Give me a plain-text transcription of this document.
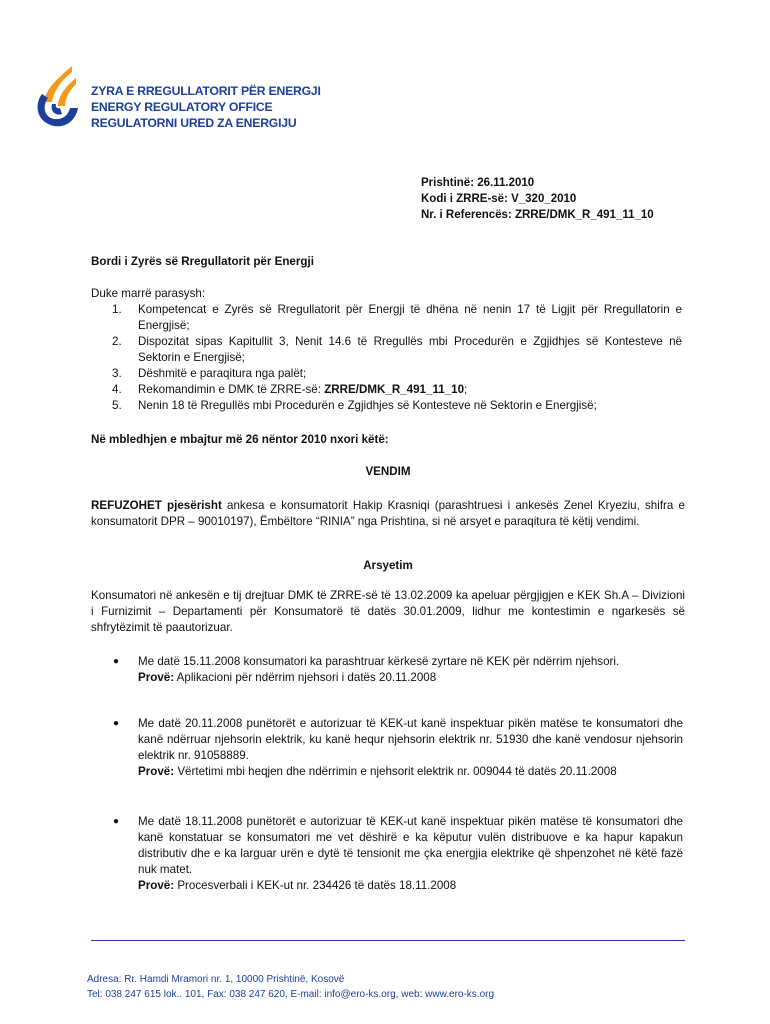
ZYRA E RREGULLATORIT PËR ENERGJI
ENERGY REGULATORY OFFICE
REGULATORNI URED ZA ENERGIJU
Prishtinë: 26.11.2010
Kodi i ZRRE-së: V_320_2010
Nr. i Referencës: ZRRE/DMK_R_491_11_10
Bordi i Zyrës së Rregullatorit për Energji
Duke marrë parasysh:
1.	Kompetencat e Zyrës së Rregullatorit për Energji të dhëna në nenin 17 të Ligjit për Rregullatorin e Energjisë;
2.	Dispozitat sipas Kapitullit 3, Nenit 14.6 të Rregullës mbi Procedurën e Zgjidhjes së Kontesteve në Sektorin e Energjisë;
3.	Dëshmitë e paraqitura nga palët;
4.	Rekomandimin e DMK të ZRRE-së: ZRRE/DMK_R_491_11_10;
5.	Nenin 18 të Rregullës mbi Procedurën e Zgjidhjes së Kontesteve në Sektorin e Energjisë;
Në mbledhjen e mbajtur më 26 nëntor 2010 nxori këtë:
VENDIM
REFUZOHET pjesërisht ankesa e konsumatorit Hakip Krasniqi (parashtruesi i ankesës Zenel Kryeziu, shifra e konsumatorit DPR – 90010197), Ëmbëltore “RINIA” nga Prishtina, si në arsyet e paraqitura të këtij vendimi.
Arsyetim
Konsumatori në ankesën e tij drejtuar DMK të ZRRE-së të 13.02.2009 ka apeluar përgjigjen e KEK Sh.A – Divizioni i Furnizimit – Departamenti për Konsumatorë të datës 30.01.2009, lidhur me kontestimin e ngarkesës së shfrytëzimit të paautorizuar.
●	Me datë 15.11.2008 konsumatori ka parashtruar kërkesë zyrtare në KEK për ndërrim njehsori.
Provë: Aplikacioni për ndërrim njehsori i datës 20.11.2008
●	Me datë 20.11.2008 punëtorët e autorizuar të KEK-ut kanë inspektuar pikën matëse te konsumatori dhe kanë ndërruar njehsorin elektrik, ku kanë hequr njehsorin elektrik nr. 51930 dhe kanë vendosur njehsorin elektrik nr. 91058889.
Provë: Vërtetimi mbi heqjen dhe ndërrimin e njehsorit elektrik nr. 009044 të datës 20.11.2008
●	Me datë 18.11.2008 punëtorët e autorizuar të KEK-ut kanë inspektuar pikën matëse të konsumatori dhe kanë konstatuar se konsumatori me vet dëshirë e ka këputur vulën distribuove e ka hapur kapakun distributiv dhe e ka larguar urën e dytë të tensionit me çka energjia elektrike që shpenzohet në këtë fazë nuk matet.
Provë: Procesverbali i KEK-ut nr. 234426 të datës 18.11.2008
Adresa: Rr. Hamdi Mramori nr. 1, 10000 Prishtinë, Kosovë
Tel: 038 247 615 lok.. 101, Fax: 038 247 620, E-mail: info@ero-ks.org, web: www.ero-ks.org
